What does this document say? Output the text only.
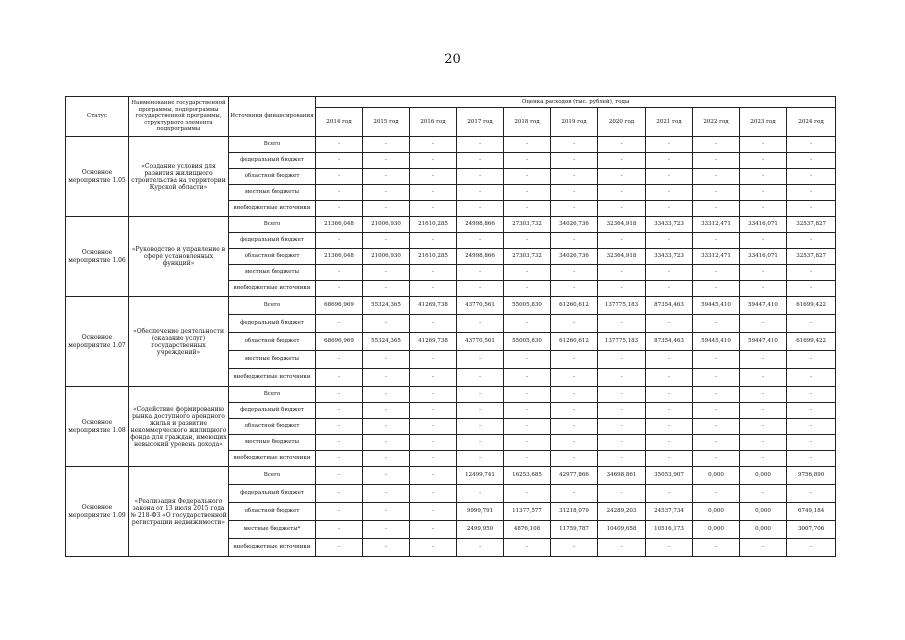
20
Статус	Наименование государственной программы, подпрограммы государственной программы, структурного элемента подпрограммы	Источники финансирования	Оценка расходов (тыс. рублей), годы										
			2014 год	2015 год	2016 год	2017 год	2018 год	2019 год	2020 год	2021 год	2022 год	2023 год	2024 год
Основное мероприятие 1.05	«Создание условия для развития жилищного строительства на территории Курской области»	Всего	-	-	-	-	-	-	-	-	-	-	-
		федеральный бюджет	-	-	-	-	-	-	-	-	-	-	-
		областной бюджет	-	-	-	-	-	-	-	-	-	-	-
		местные бюджеты	-	-	-	-	-	-	-	-	-	-	-
		внебюджетные источники	-	-	-	-	-	-	-	-	-	-	-
Основное мероприятие 1.06	«Руководство и управление в сфере установленных функций»	Всего	21366,048	21006,930	21610,285	24998,866	27303,732	34026,736	32364,918	33433,723	33312,471	33416,071	32537,827
		федеральный бюджет	-	-	-	-	-	-	-	-	-	-	-
		областной бюджет	21366,048	21006,930	21610,285	24998,866	27303,732	34026,736	32364,918	33433,723	33312,471	33416,071	32537,827
		местные бюджеты	-	-	-	-	-	-	-	-	-	-	-
		внебюджетные источники	-	-	-	-	-	-	-	-	-	-	-
Основное мероприятие 1.07	«Обеспечение деятельности (оказание услуг) государственных учреждений»	Всего	68696,969	55324,365	41269,738	43770,561	55005,830	61260,612	137775,183	87354,463	59445,410	59447,410	61699,422
		федеральный бюджет	-	-	-	-	-	-	-	-	-	-	-
		областной бюджет	68696,969	55324,365	41269,738	43770,561	55005,830	61260,612	137775,183	87354,463	59445,410	59447,410	61699,422
		местные бюджеты	-	-	-	-	-	-	-	-	-	-	-
		внебюджетные источники	-	-	-	-	-	-	-	-	-	-	-
Основное мероприятие 1.08	«Содействие формированию рынка доступного арендного жилья и развитие некоммерческого жилищного фонда для граждан, имеющих невысокий уровень дохода»	Всего	-	-	-	-	-	-	-	-	-	-	-
		федеральный бюджет	-	-	-	-	-	-	-	-	-	-	-
		областной бюджет	-	-	-	-	-	-	-	-	-	-	-
		местные бюджеты	-	-	-	-	-	-	-	-	-	-	-
		внебюджетные источники	-	-	-	-	-	-	-	-	-	-	-
Основное мероприятие 1.09	«Реализация Федерального закона от 13 июля 2015 года № 218-ФЗ «О государственной регистрации недвижимости»	Всего	-	-	-	12499,741	16253,685	42977,866	34698,861	35053,907	0,000	0,000	9756,890
		федеральный бюджет	-	-	-	-	-	-	-	-	-	-	-
		областной бюджет	-	-	-	9999,791	11377,577	31218,079	24289,203	24537,734	0,000	0,000	6749,184
		местные бюджеты*	-	-	-	2499,950	4876,108	11759,787	10409,658	10516,173	0,000	0,000	3007,706
		внебюджетные источники	-	-	-	-	-	-	-	-	-	-	-
